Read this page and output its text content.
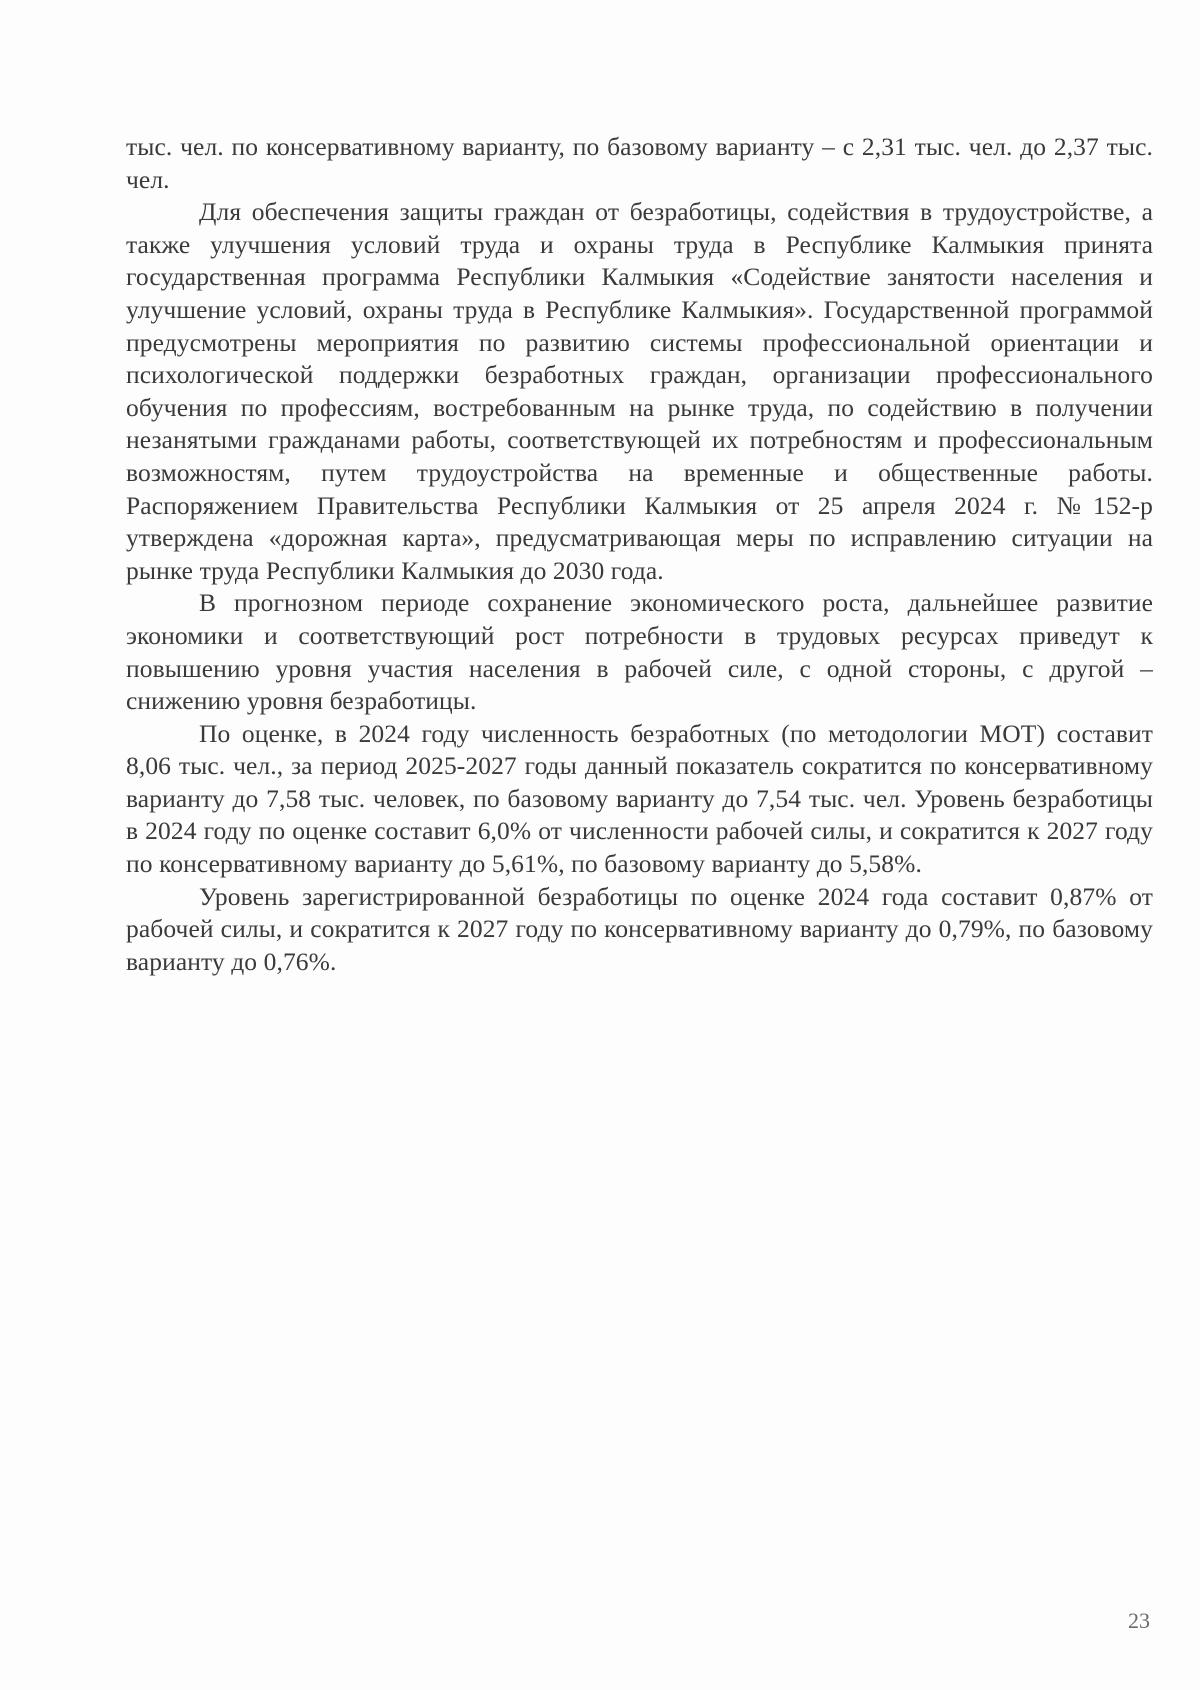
тыс. чел. по консервативному варианту, по базовому варианту – с 2,31 тыс. чел. до 2,37 тыс. чел.

Для обеспечения защиты граждан от безработицы, содействия в трудоустройстве, а также улучшения условий труда и охраны труда в Республике Калмыкия принята государственная программа Республики Калмыкия «Содействие занятости населения и улучшение условий, охраны труда в Республике Калмыкия». Государственной программой предусмотрены мероприятия по развитию системы профессиональной ориентации и психологической поддержки безработных граждан, организации профессионального обучения по профессиям, востребованным на рынке труда, по содействию в получении незанятыми гражданами работы, соответствующей их потребностям и профессиональным возможностям, путем трудоустройства на временные и общественные работы. Распоряжением Правительства Республики Калмыкия от 25 апреля 2024 г. №152-р утверждена «дорожная карта», предусматривающая меры по исправлению ситуации на рынке труда Республики Калмыкия до 2030 года.

В прогнозном периоде сохранение экономического роста, дальнейшее развитие экономики и соответствующий рост потребности в трудовых ресурсах приведут к повышению уровня участия населения в рабочей силе, с одной стороны, с другой – снижению уровня безработицы.

По оценке, в 2024 году численность безработных (по методологии МОТ) составит 8,06 тыс. чел., за период 2025-2027 годы данный показатель сократится по консервативному варианту до 7,58 тыс. человек, по базовому варианту до 7,54 тыс. чел. Уровень безработицы в 2024 году по оценке составит 6,0% от численности рабочей силы, и сократится к 2027 году по консервативному варианту до 5,61%, по базовому варианту до 5,58%.

Уровень зарегистрированной безработицы по оценке 2024 года составит 0,87% от рабочей силы, и сократится к 2027 году по консервативному варианту до 0,79%, по базовому варианту до 0,76%.

23
